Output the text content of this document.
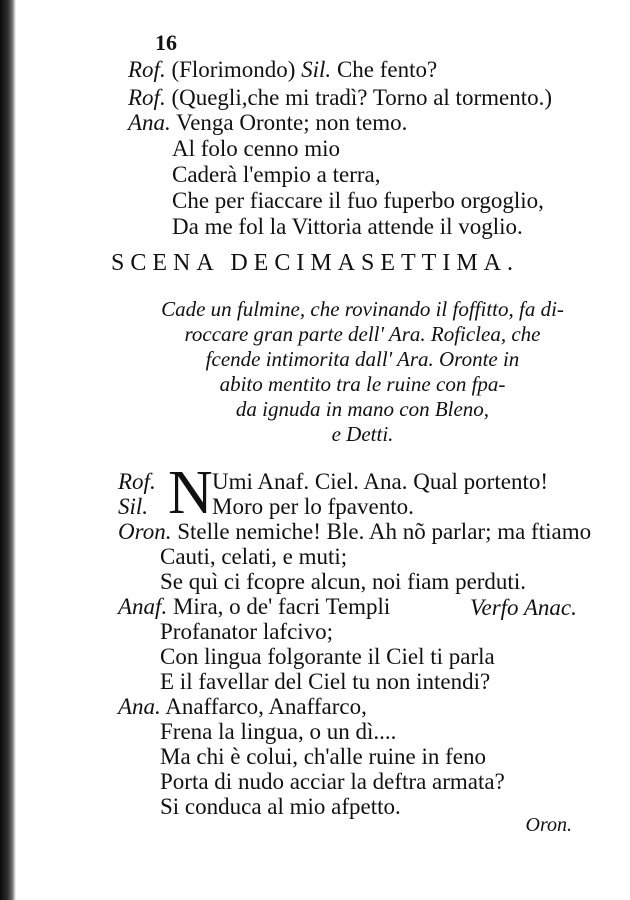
16
Rof. (Florimondo) Sil. Che fento?
Rof. (Quegli,che mi tradì? Torno al tormento.)
Ana. Venga Oronte; non temo.
Al folo cenno mio
Caderà l'empio a terra,
Che per fiaccare il fuo fuperbo orgoglio,
Da me fol la Vittoria attende il voglio.
SCENA DECIMASETTIMA.
Cade un fulmine, che rovinando il foffitto, fa di-
roccare gran parte dell' Ara. Roficlea, che
fcende intimorita dall' Ara. Oronte in
abito mentito tra le ruine con fpa-
da ignuda in mano con Bleno,
e Detti.
N
Rof. Umi Anaf. Ciel. Ana. Qual portento!
Sil.	Moro per lo fpavento.
Oron. Stelle nemiche! Ble. Ah nõ parlar; ma ftiamo
Cauti, celati, e muti;
Se quì ci fcopre alcun, noi fiam perduti.
Anaf. Mira, o de' facri Templi	Verfo Anac.
Profanator lafcivo;
Con lingua folgorante il Ciel ti parla
E il favellar del Ciel tu non intendi?
Ana. Anaffarco, Anaffarco,
Frena la lingua, o un dì....
Ma chi è colui, ch'alle ruine in feno
Porta di nudo acciar la deftra armata?
Si conduca al mio afpetto.
Oron.
